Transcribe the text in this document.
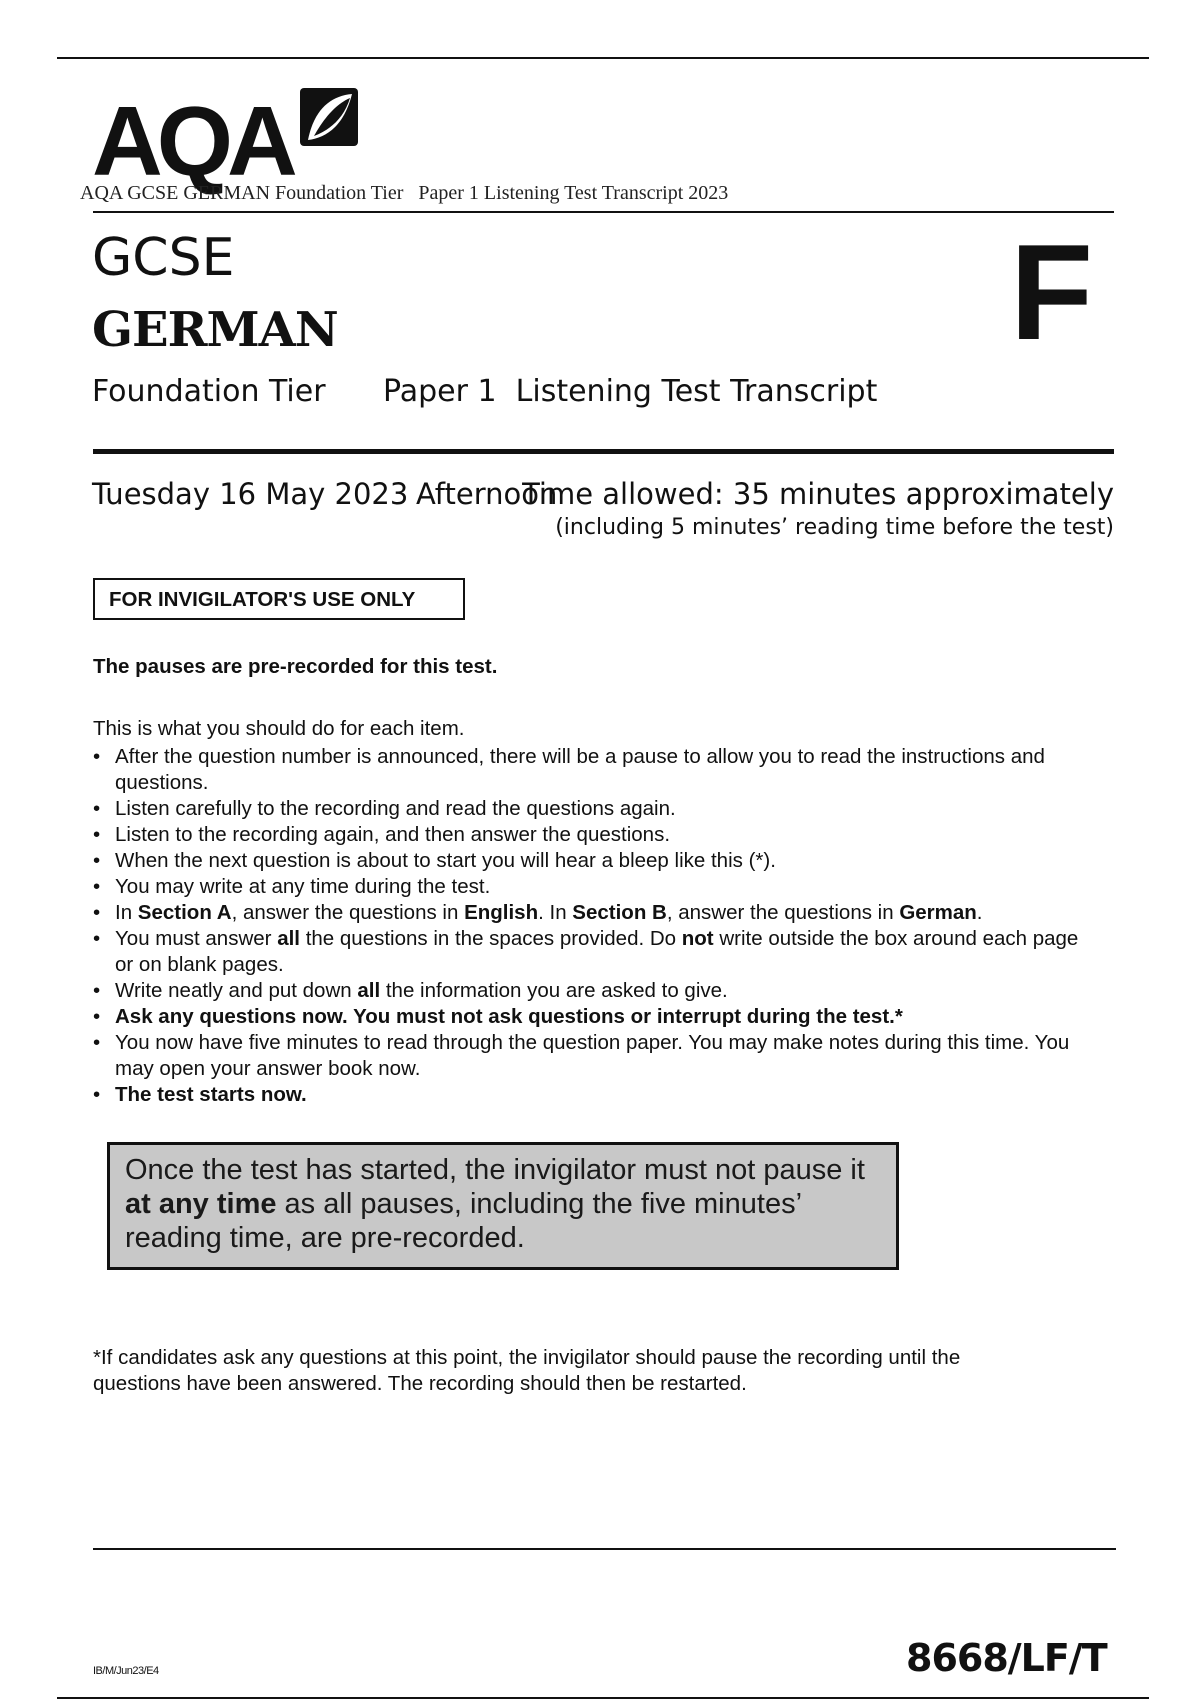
AQA
AQA GCSE GERMAN Foundation Tier   Paper 1 Listening Test Transcript 2023
GCSE
GERMAN	F
Foundation Tier Paper 1  Listening Test Transcript
Tuesday 16 May 2023 Afternoon
Time allowed: 35 minutes approximately
(including 5 minutes’ reading time before the test)
FOR INVIGILATOR'S USE ONLY
The pauses are pre-recorded for this test.
This is what you should do for each item.
• After the question number is announced, there will be a pause to allow you to read the instructions and questions.
• Listen carefully to the recording and read the questions again.
• Listen to the recording again, and then answer the questions.
• When the next question is about to start you will hear a bleep like this (*).
• You may write at any time during the test.
• In Section A, answer the questions in English. In Section B, answer the questions in German.
• You must answer all the questions in the spaces provided. Do not write outside the box around each page or on blank pages.
• Write neatly and put down all the information you are asked to give.
• Ask any questions now. You must not ask questions or interrupt during the test.*
• You now have five minutes to read through the question paper. You may make notes during this time. You may open your answer book now.
• The test starts now.
Once the test has started, the invigilator must not pause it at any time as all pauses, including the five minutes’ reading time, are pre-recorded.
*If candidates ask any questions at this point, the invigilator should pause the recording until the questions have been answered. The recording should then be restarted.
IB/M/Jun23/E4	8668/LF/T
